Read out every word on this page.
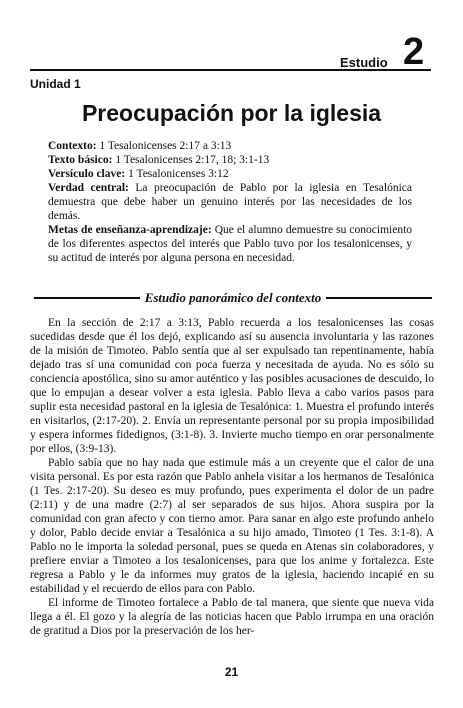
Estudio 2
Unidad 1
Preocupación por la iglesia

Contexto: 1 Tesalonicenses 2:17 a 3:13

Texto básico: 1 Tesalonicenses 2:17, 18; 3:1-13

Versículo clave: 1 Tesalonicenses 3:12

Verdad central: La preocupación de Pablo por la iglesia en Tesalónica demuestra que debe haber un genuino interés por las necesidades de los demás.

Metas de enseñanza-aprendizaje: Que el alumno demuestre su conocimiento de los diferentes aspectos del interés que Pablo tuvo por los tesalonicenses, y su actitud de interés por alguna persona en necesidad.

Estudio panorámico del contexto

En la sección de 2:17 a 3:13, Pablo recuerda a los tesalonicenses las cosas sucedidas desde que él los dejó, explicando así su ausencia involuntaria y las razones de la misión de Timoteo. Pablo sentía que al ser expulsado tan repentinamente, había dejado tras sí una comunidad con poca fuerza y necesitada de ayuda. No es sólo su conciencia apostólica, sino su amor auténtico y las posibles acusaciones de descuido, lo que lo empujan a desear volver a esta iglesia. Pablo lleva a cabo varios pasos para suplir esta necesidad pastoral en la iglesia de Tesalónica: 1. Muestra el profundo interés en visitarlos, (2:17-20). 2. Envía un representante personal por su propia imposibilidad y espera informes fidedignos, (3:1-8). 3. Invierte mucho tiempo en orar personalmente por ellos, (3:9-13).

Pablo sabía que no hay nada que estimule más a un creyente que el calor de una visita personal. Es por esta razón que Pablo anhela visitar a los hermanos de Tesalónica (1 Tes. 2:17-20). Su deseo es muy profundo, pues experimenta el dolor de un padre (2:11) y de una madre (2:7) al ser separados de sus hijos. Ahora suspira por la comunidad con gran afecto y con tierno amor. Para sanar en algo este profundo anhelo y dolor, Pablo decide enviar a Tesalónica a su hijo amado, Timoteo (1 Tes. 3:1-8). A Pablo no le importa la soledad personal, pues se queda en Atenas sin colaboradores, y prefiere enviar a Timoteo a los tesalonicenses, para que los anime y fortalezca. Este regresa a Pablo y le da informes muy gratos de la iglesia, haciendo incapié en su estabilidad y el recuerdo de ellos para con Pablo.

El informe de Timoteo fortalece a Pablo de tal manera, que siente que nueva vida llega a él. El gozo y la alegría de las noticias hacen que Pablo irrumpa en una oración de gratitud a Dios por la preservación de los her-

21
